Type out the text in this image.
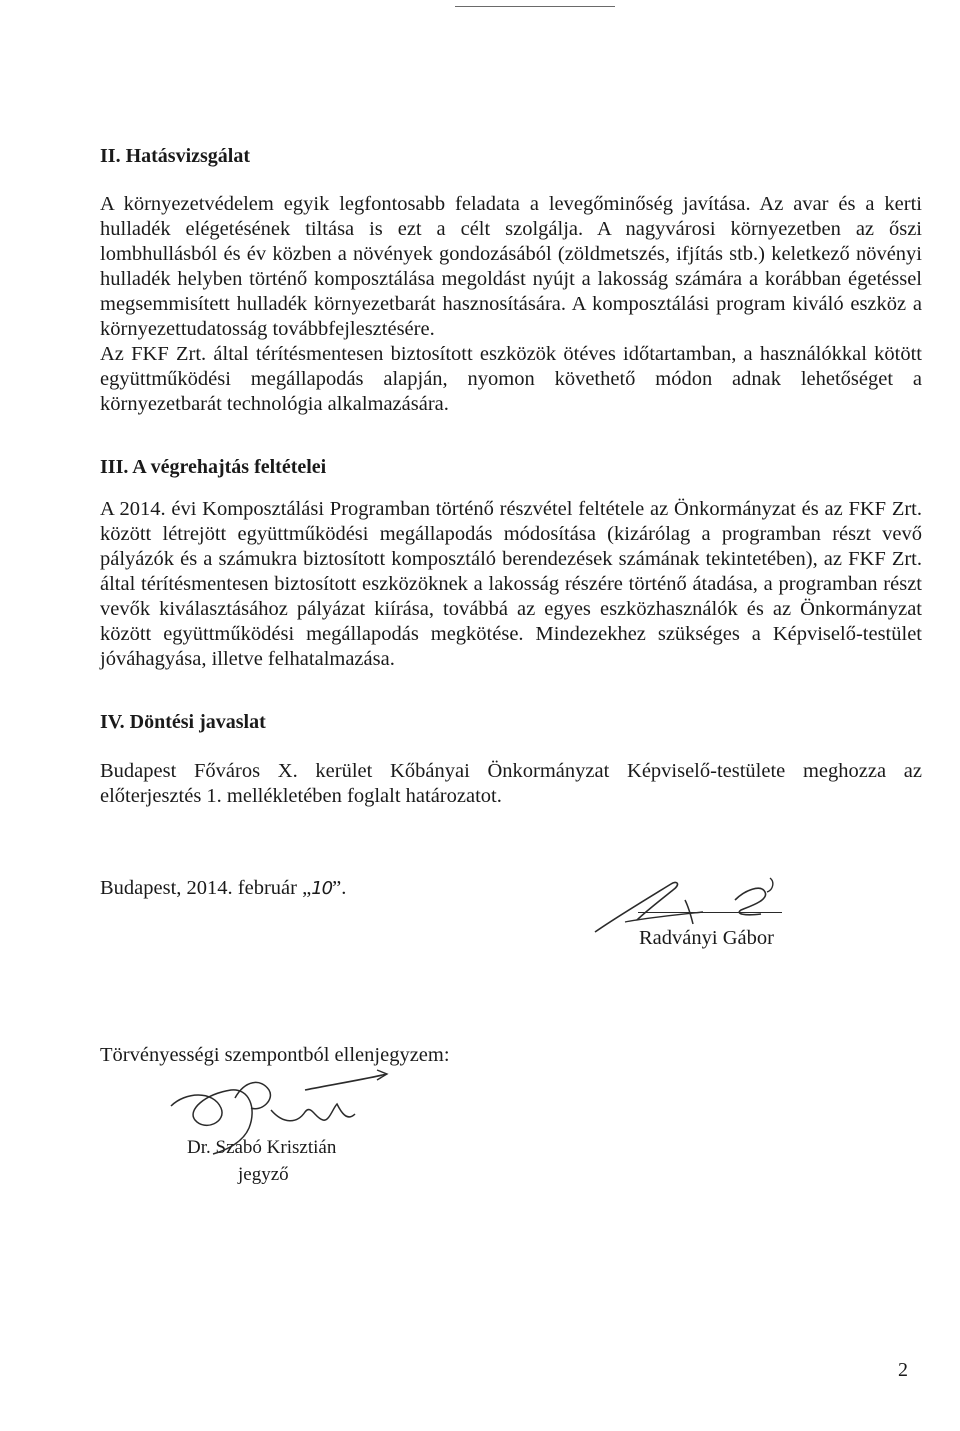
II. Hatásvizsgálat

A környezetvédelem egyik legfontosabb feladata a levegőminőség javítása. Az avar és a kerti hulladék elégetésének tiltása is ezt a célt szolgálja. A nagyvárosi környezetben az őszi lombhullásból és év közben a növények gondozásából (zöldmetszés, ifjítás stb.) keletkező növényi hulladék helyben történő komposztálása megoldást nyújt a lakosság számára a korábban égetéssel megsemmisített hulladék környezetbarát hasznosítására. A komposztálási program kiváló eszköz a környezettudatosság továbbfejlesztésére.

Az FKF Zrt. által térítésmentesen biztosított eszközök ötéves időtartamban, a használókkal kötött együttműködési megállapodás alapján, nyomon követhető módon adnak lehetőséget a környezetbarát technológia alkalmazására.

III. A végrehajtás feltételei

A 2014. évi Komposztálási Programban történő részvétel feltétele az Önkormányzat és az FKF Zrt. között létrejött együttműködési megállapodás módosítása (kizárólag a programban részt vevő pályázók és a számukra biztosított komposztáló berendezések számának tekintetében), az FKF Zrt. által térítésmentesen biztosított eszközöknek a lakosság részére történő átadása, a programban részt vevők kiválasztásához pályázat kiírása, továbbá az egyes eszközhasználók és az Önkormányzat között együttműködési megállapodás megkötése. Mindezekhez szükséges a Képviselő-testület jóváhagyása, illetve felhatalmazása.

IV. Döntési javaslat

Budapest Főváros X. kerület Kőbányai Önkormányzat Képviselő-testülete meghozza az előterjesztés 1. mellékletében foglalt határozatot.

Budapest, 2014. február „10”.

Radványi Gábor

Törvényességi szempontból ellenjegyzem:

Dr. Szabó Krisztián

jegyző

2
